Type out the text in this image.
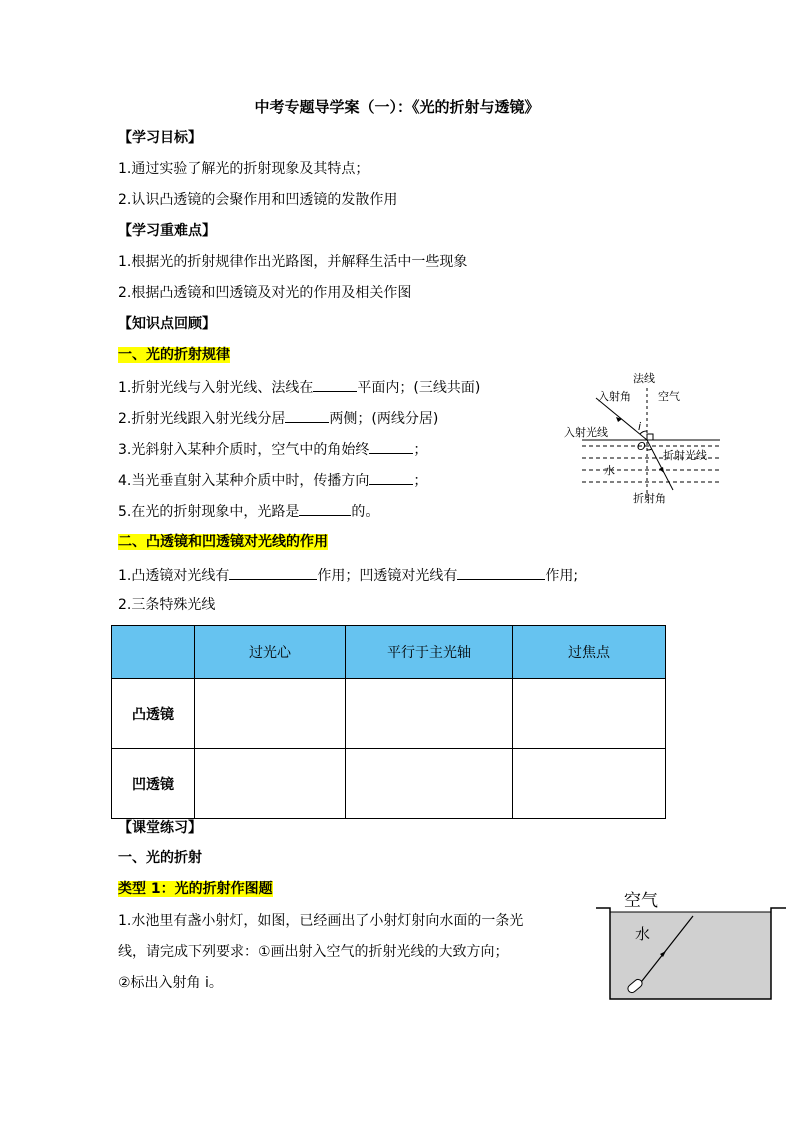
中考专题导学案（一）：《光的折射与透镜》
【学习目标】
1.通过实验了解光的折射现象及其特点；
2.认识凸透镜的会聚作用和凹透镜的发散作用
【学习重难点】
1.根据光的折射规律作出光路图，并解释生活中一些现象
2.根据凸透镜和凹透镜及对光的作用及相关作图
【知识点回顾】
一、光的折射规律
1.折射光线与入射光线、法线在	平面内；(三线共面)
2.折射光线跟入射光线分居	两侧；(两线分居)
3.光斜射入某种介质时，空气中的角始终	；
4.当光垂直射入某种介质中时，传播方向	；
5.在光的折射现象中，光路是	的。
二、凸透镜和凹透镜对光线的作用
1.凸透镜对光线有	作用；凹透镜对光线有	作用;
2.三条特殊光线
	过光心	平行于主光轴	过焦点
凸透镜			
凹透镜			
【课堂练习】
一、光的折射
类型 1：光的折射作图题
1.水池里有盏小射灯，如图，已经画出了小射灯射向水面的一条光
线，请完成下列要求：①画出射入空气的折射光线的大致方向；
②标出入射角 i。
法线
入射角 空气
入射光线	i
O
折射光线
水
折射角
空气
水
